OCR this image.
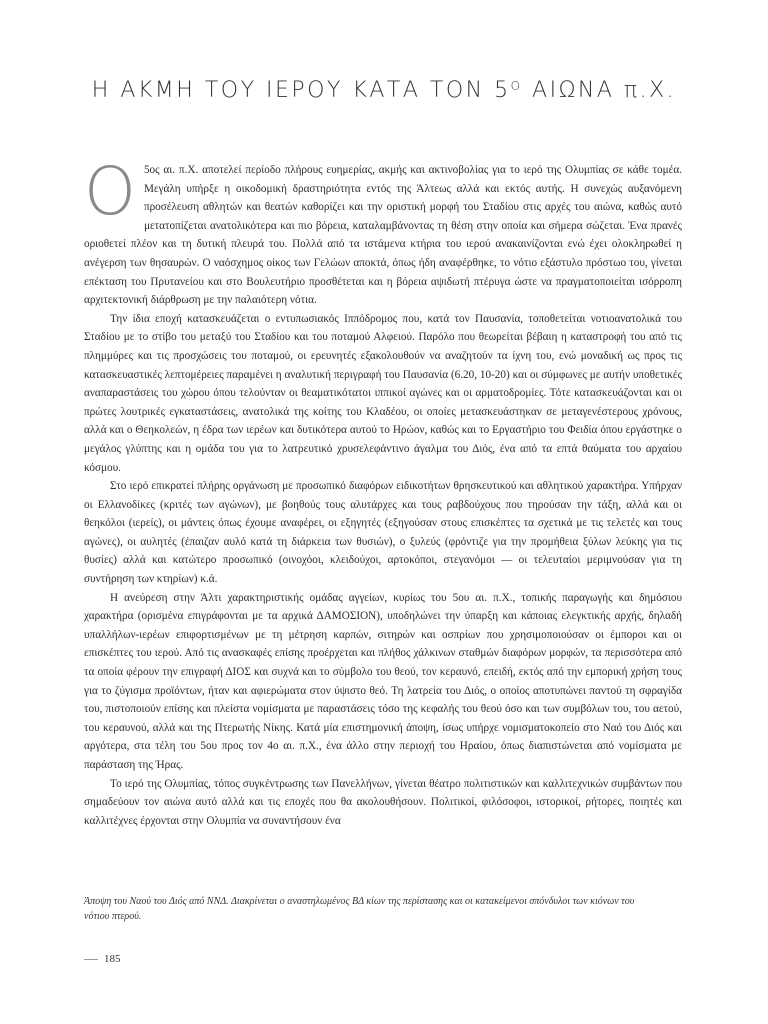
Η ΑΚΜΗ ΤΟΥ ΙΕΡΟΥ ΚΑΤΑ ΤΟΝ $5^O$ ΑΙΩΝΑ π.Χ.

Ο 5ος αι. π.Χ. αποτελεί περίοδο πλήρους ευημερίας, ακμής και ακτινοβολίας για το ιερό της Ολυμπίας σε κάθε τομέα. Μεγάλη υπήρξε η οικοδομική δραστηριότητα εντός της Άλτεως αλλά και εκτός αυτής. Η συνεχώς αυξανόμενη προσέλευση αθλητών και θεατών καθορίζει και την οριστική μορφή του Σταδίου στις αρχές του αιώνα, καθώς αυτό μετατοπίζεται ανατολικότερα και πιο βόρεια, καταλαμβάνοντας τη θέση στην οποία και σήμερα σώζεται. Ένα πρανές οριοθετεί πλέον και τη δυτική πλευρά του. Πολλά από τα ιστάμενα κτήρια του ιερού ανακαινίζονται ενώ έχει ολοκληρωθεί η ανέγερση των θησαυρών. Ο ναόσχημος οίκος των Γελώων αποκτά, όπως ήδη αναφέρθηκε, το νότιο εξάστυλο πρόστωο του, γίνεται επέκταση του Πρυτανείου και στο Βουλευτήριο προσθέτεται και η βόρεια αψιδωτή πτέρυγα ώστε να πραγματοποιείται ισόρροπη αρχιτεκτονική διάρθρωση με την παλαιότερη νότια.

Την ίδια εποχή κατασκευάζεται ο εντυπωσιακός Ιππόδρομος που, κατά τον Παυσανία, τοποθετείται νοτιοανατολικά του Σταδίου με το στίβο του μεταξύ του Σταδίου και του ποταμού Αλφειού. Παρόλο που θεωρείται βέβαιη η καταστροφή του από τις πλημμύρες και τις προσχώσεις του ποταμού, οι ερευνητές εξακολουθούν να αναζητούν τα ίχνη του, ενώ μοναδική ως προς τις κατασκευαστικές λεπτομέρειες παραμένει η αναλυτική περιγραφή του Παυσανία (6.20, 10-20) και οι σύμφωνες με αυτήν υποθετικές αναπαραστάσεις του χώρου όπου τελούνταν οι θεαματικότατοι ιππικοί αγώνες και οι αρματοδρομίες. Τότε κατασκευάζονται και οι πρώτες λουτρικές εγκαταστάσεις, ανατολικά της κοίτης του Κλαδέου, οι οποίες μετασκευάστηκαν σε μεταγενέστερους χρόνους, αλλά και ο Θεηκολεών, η έδρα των ιερέων και δυτικότερα αυτού το Ηρώον, καθώς και το Εργαστήριο του Φειδία όπου εργάστηκε ο μεγάλος γλύπτης και η ομάδα του για το λατρευτικό χρυσελεφάντινο άγαλμα του Διός, ένα από τα επτά θαύματα του αρχαίου κόσμου.

Στο ιερό επικρατεί πλήρης οργάνωση με προσωπικό διαφόρων ειδικοτήτων θρησκευτικού και αθλητικού χαρακτήρα. Υπήρχαν οι Ελλανοδίκες (κριτές των αγώνων), με βοηθούς τους αλυτάρχες και τους ραβδούχους που τηρούσαν την τάξη, αλλά και οι θεηκόλοι (ιερείς), οι μάντεις όπως έχουμε αναφέρει, οι εξηγητές (εξηγούσαν στους επισκέπτες τα σχετικά με τις τελετές και τους αγώνες), οι αυλητές (έπαιζαν αυλό κατά τη διάρκεια των θυσιών), ο ξυλεύς (φρόντιζε για την προμήθεια ξύλων λεύκης για τις θυσίες) αλλά και κατώτερο προσωπικό (οινοχόοι, κλειδούχοι, αρτοκόποι, στεγανόμοι — οι τελευταίοι μεριμνούσαν για τη συντήρηση των κτηρίων) κ.ά.

Η ανεύρεση στην Άλτι χαρακτηριστικής ομάδας αγγείων, κυρίως του 5ου αι. π.Χ., τοπικής παραγωγής και δημόσιου χαρακτήρα (ορισμένα επιγράφονται με τα αρχικά ΔΑΜΟΣΙΟΝ), υποδηλώνει την ύπαρξη και κάποιας ελεγκτικής αρχής, δηλαδή υπαλλήλων-ιερέων επιφορτισμένων με τη μέτρηση καρπών, σιτηρών και οσπρίων που χρησιμοποιούσαν οι έμποροι και οι επισκέπτες του ιερού. Από τις ανασκαφές επίσης προέρχεται και πλήθος χάλκινων σταθμών διαφόρων μορφών, τα περισσότερα από τα οποία φέρουν την επιγραφή ΔΙΟΣ και συχνά και το σύμβολο του θεού, τον κεραυνό, επειδή, εκτός από την εμπορική χρήση τους για το ζύγισμα προϊόντων, ήταν και αφιερώματα στον ύψιστο θεό. Τη λατρεία του Διός, ο οποίος αποτυπώνει παντού τη σφραγίδα του, πιστοποιούν επίσης και πλείστα νομίσματα με παραστάσεις τόσο της κεφαλής του θεού όσο και των συμβόλων του, του αετού, του κεραυνού, αλλά και της Πτερωτής Νίκης. Κατά μία επιστημονική άποψη, ίσως υπήρχε νομισματοκοπείο στο Ναό του Διός και αργότερα, στα τέλη του 5ου προς τον 4ο αι. π.Χ., ένα άλλο στην περιοχή του Ηραίου, όπως διαπιστώνεται από νομίσματα με παράσταση της Ήρας.

Το ιερό της Ολυμπίας, τόπος συγκέντρωσης των Πανελλήνων, γίνεται θέατρο πολιτιστικών και καλλιτεχνικών συμβάντων που σημαδεύουν τον αιώνα αυτό αλλά και τις εποχές που θα ακολουθήσουν. Πολιτικοί, φιλόσοφοι, ιστορικοί, ρήτορες, ποιητές και καλλιτέχνες έρχονται στην Ολυμπία να συναντήσουν ένα

Άποψη του Ναού του Διός από ΝΝΔ. Διακρίνεται ο αναστηλωμένος ΒΔ κίων της περίστασης και οι κατακείμενοι σπόνδυλοι των κιόνων του νότιου πτερού.
185
